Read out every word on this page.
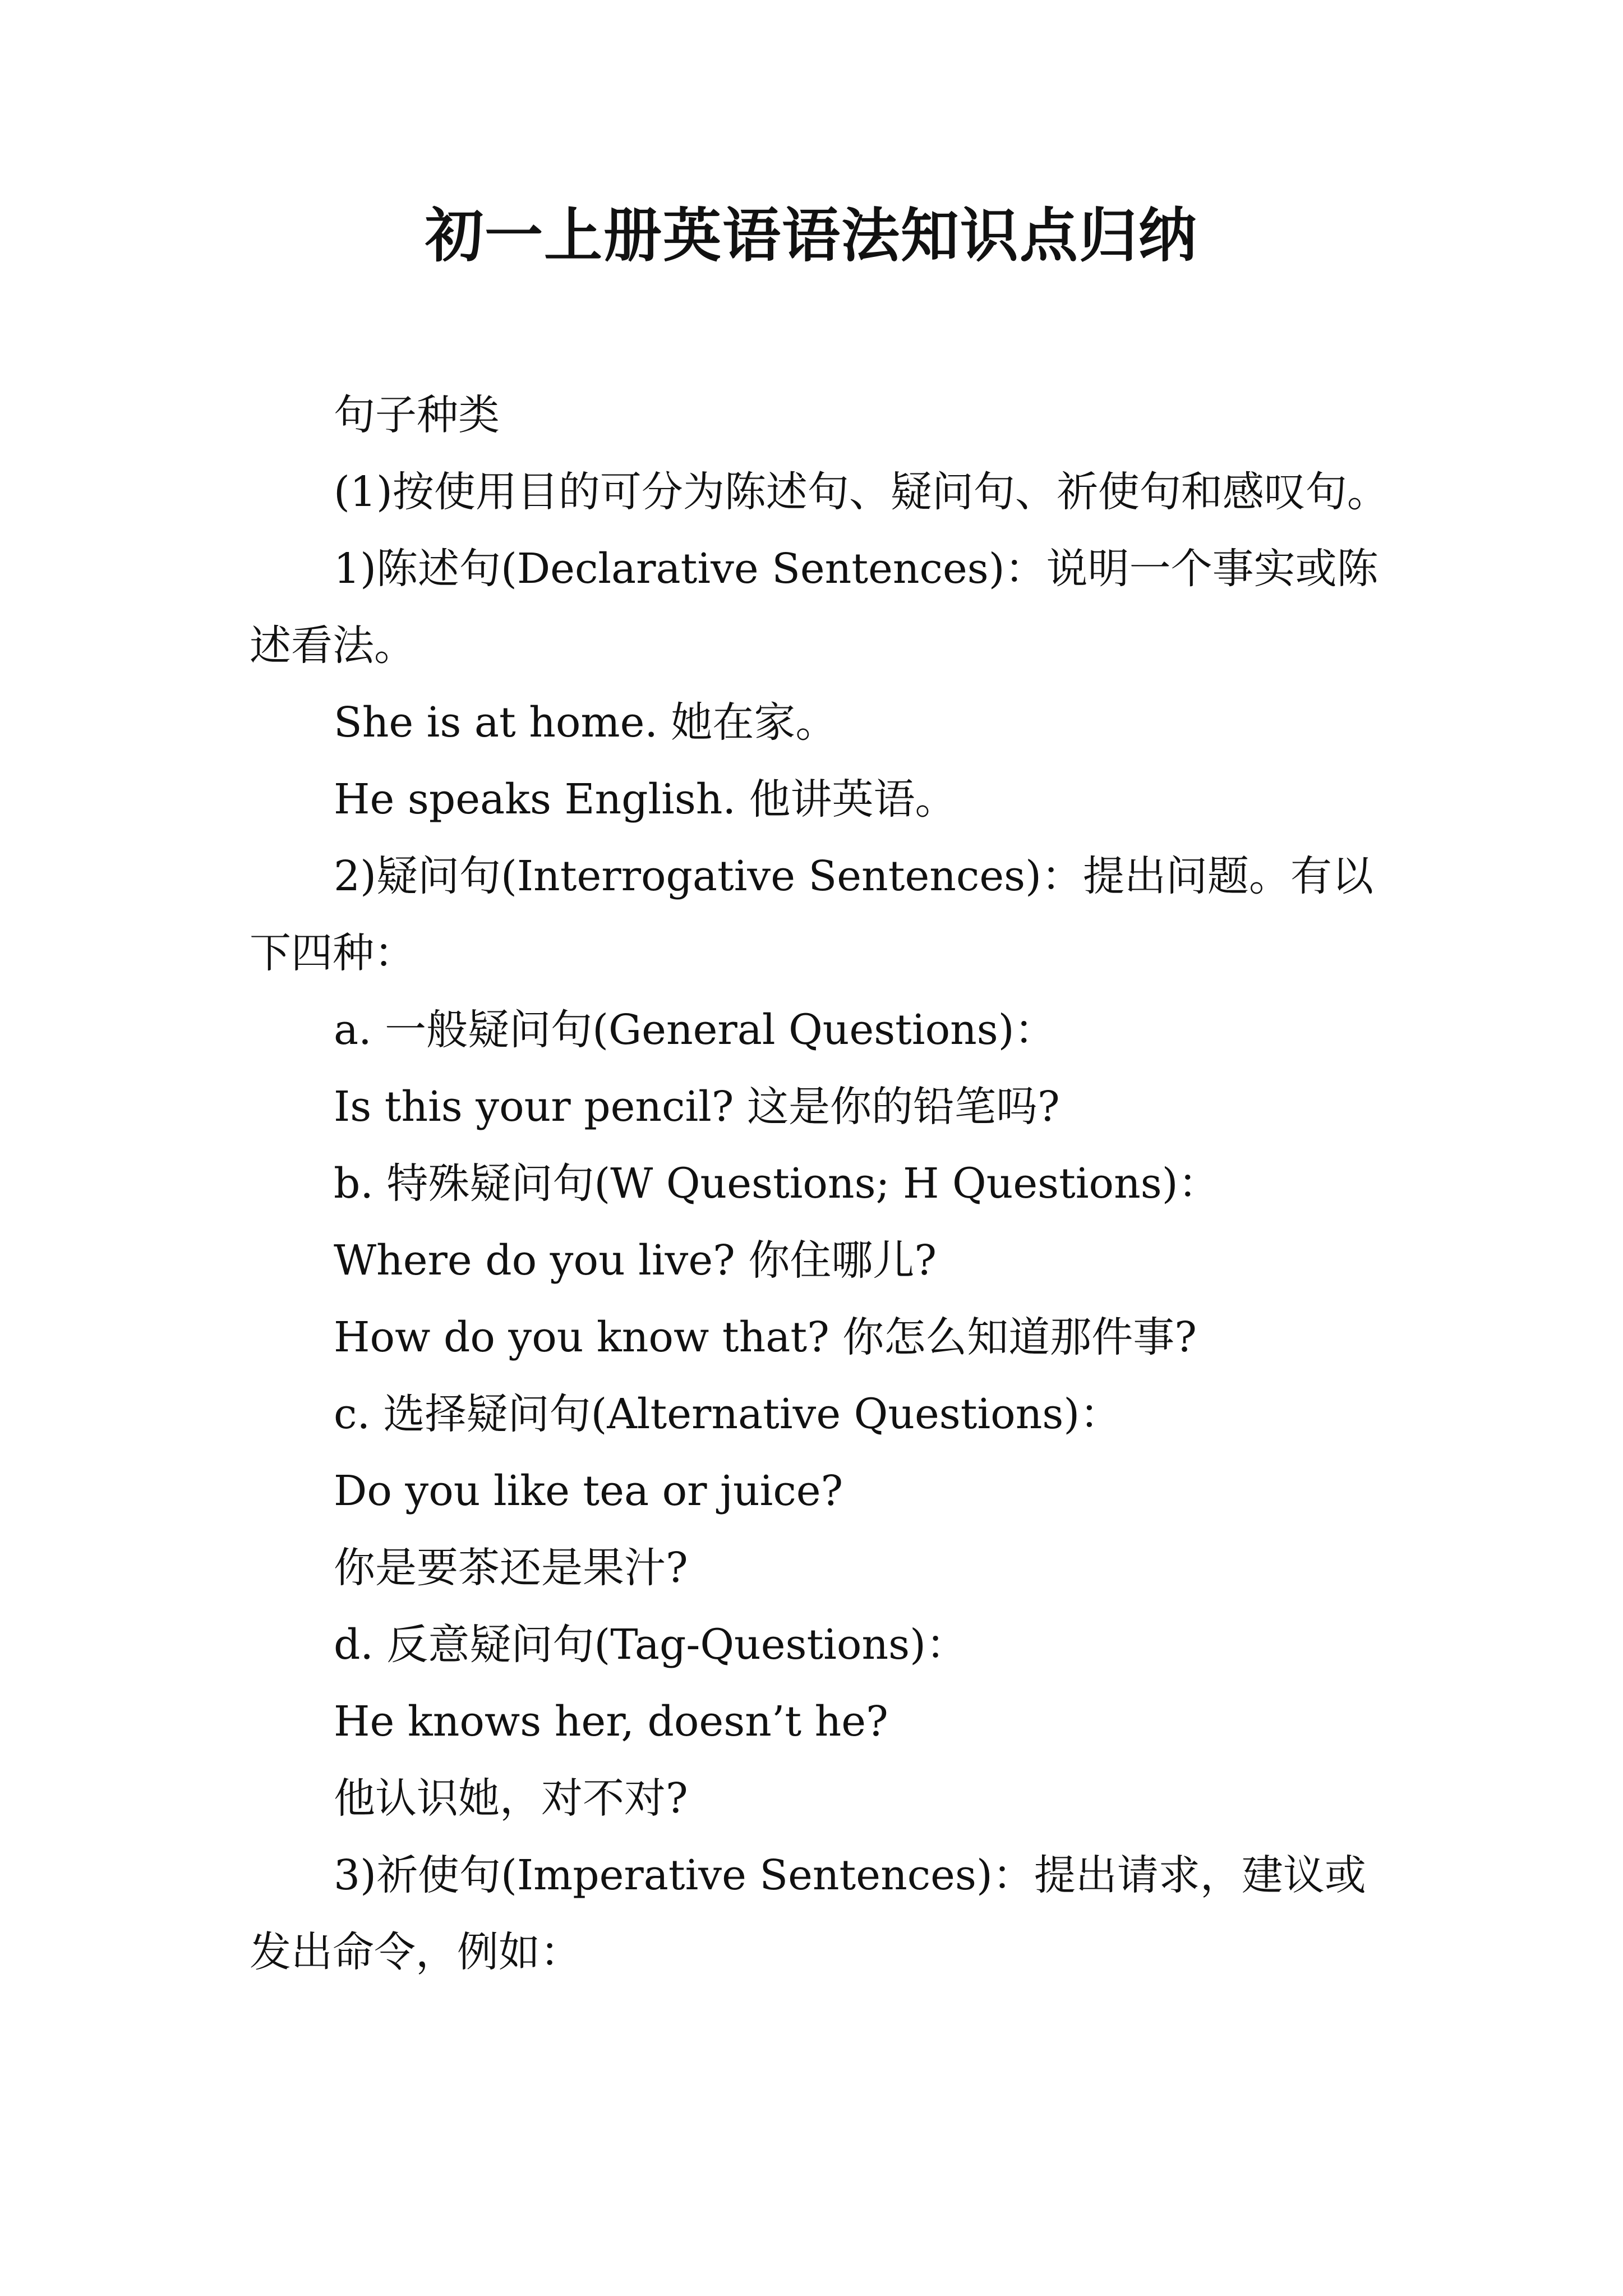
初一上册英语语法知识点归纳

句子种类

(1)按使用目的可分为陈述句、疑问句、祈使句和感叹句。

1)陈述句(Declarative Sentences)：说明一个事实或陈述看法。

She is at home. 她在家。

He speaks English. 他讲英语。

2)疑问句(Interrogative Sentences)：提出问题。有以下四种：

a. 一般疑问句(General Questions)：

Is this your pencil? 这是你的铅笔吗?

b. 特殊疑问句(W Questions; H Questions)：

Where do you live? 你住哪儿?

How do you know that? 你怎么知道那件事?

c. 选择疑问句(Alternative Questions)：

Do you like tea or juice?

你是要茶还是果汁?

d. 反意疑问句(Tag-Questions)：

He knows her, doesn’t he?

他认识她，对不对?

3)祈使句(Imperative Sentences)：提出请求，建议或发出命令，例如：
